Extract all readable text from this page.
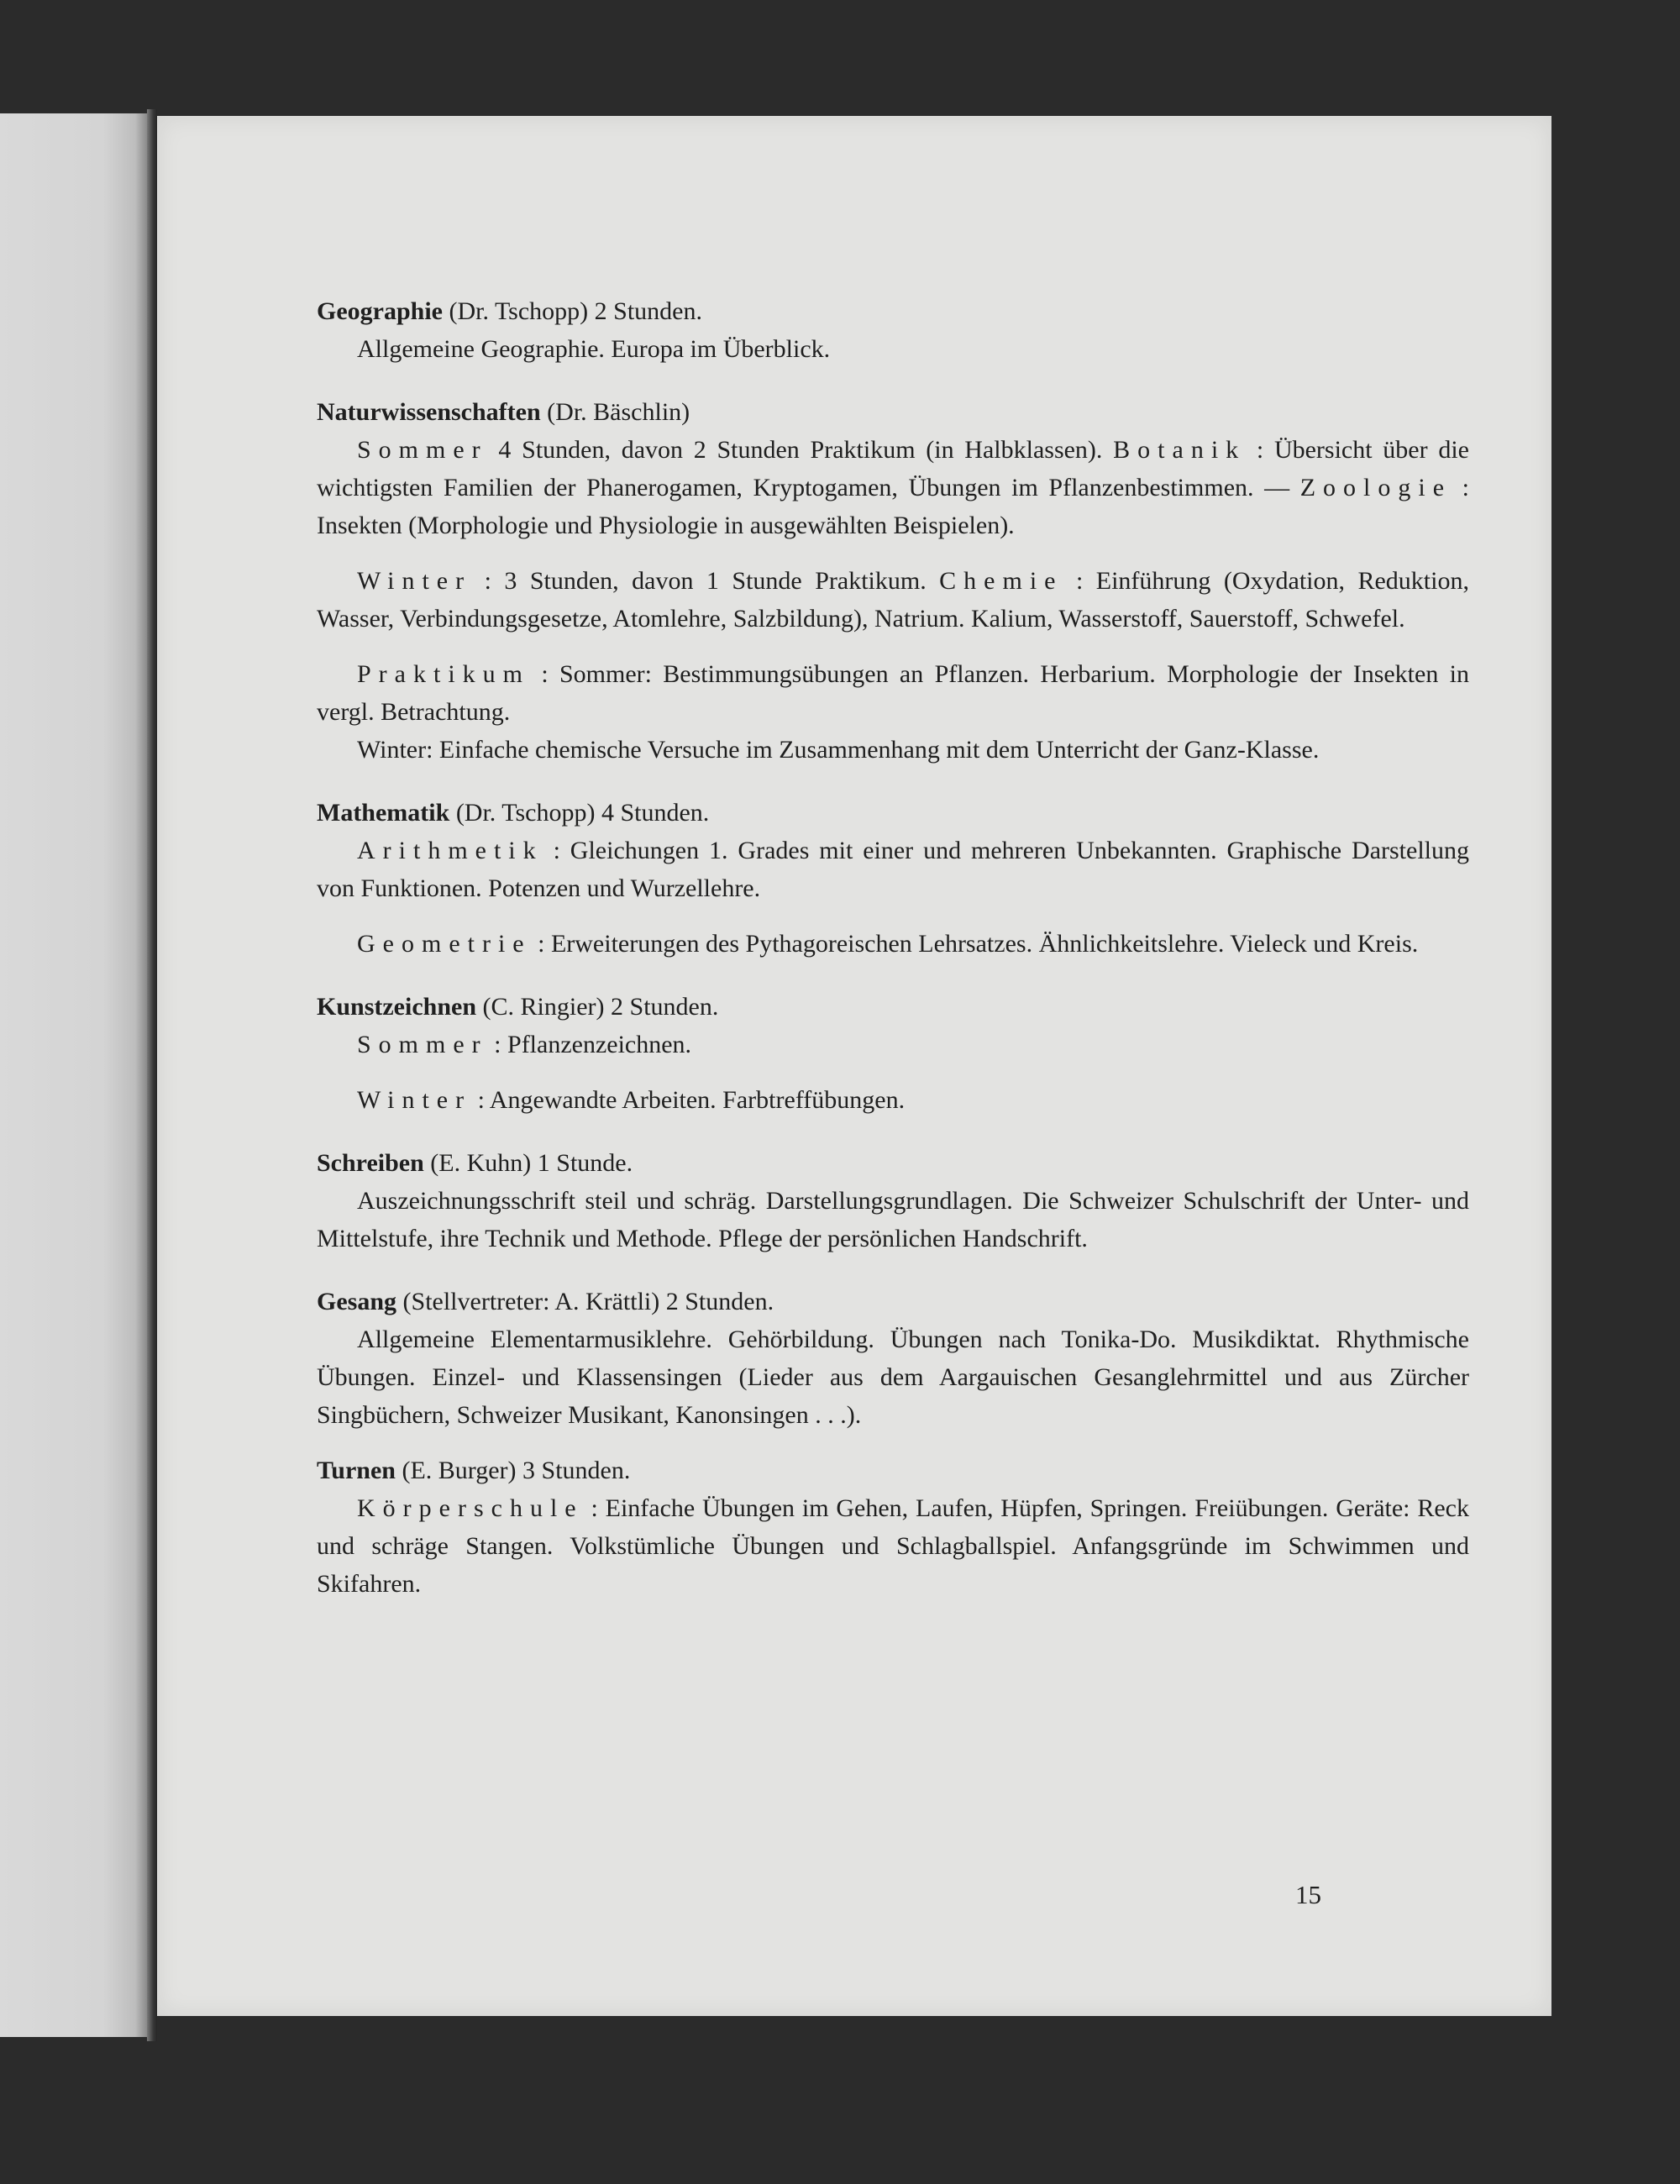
Geographie (Dr. Tschopp) 2 Stunden.

Allgemeine Geographie. Europa im Überblick.

Naturwissenschaften (Dr. Bäschlin)

Sommer 4 Stunden, davon 2 Stunden Praktikum (in Halbklassen). Botanik : Übersicht über die wichtigsten Familien der Phanerogamen, Kryptogamen, Übungen im Pflanzenbestimmen. — Zoologie : Insekten (Morphologie und Physiologie in ausgewählten Beispielen).

Winter : 3 Stunden, davon 1 Stunde Praktikum. Chemie : Einführung (Oxydation, Reduktion, Wasser, Verbindungsgesetze, Atomlehre, Salzbildung), Natrium. Kalium, Wasserstoff, Sauerstoff, Schwefel.

Praktikum : Sommer: Bestimmungsübungen an Pflanzen. Herbarium. Morphologie der Insekten in vergl. Betrachtung.

Winter: Einfache chemische Versuche im Zusammenhang mit dem Unterricht der Ganz-Klasse.

Mathematik (Dr. Tschopp) 4 Stunden.

Arithmetik : Gleichungen 1. Grades mit einer und mehreren Unbekannten. Graphische Darstellung von Funktionen. Potenzen und Wurzellehre.

Geometrie : Erweiterungen des Pythagoreischen Lehrsatzes. Ähnlichkeitslehre. Vieleck und Kreis.

Kunstzeichnen (C. Ringier) 2 Stunden.

Sommer : Pflanzenzeichnen.

Winter : Angewandte Arbeiten. Farbtreffübungen.

Schreiben (E. Kuhn) 1 Stunde.

Auszeichnungsschrift steil und schräg. Darstellungsgrundlagen. Die Schweizer Schulschrift der Unter- und Mittelstufe, ihre Technik und Methode. Pflege der persönlichen Handschrift.

Gesang (Stellvertreter: A. Krättli) 2 Stunden.

Allgemeine Elementarmusiklehre. Gehörbildung. Übungen nach Tonika-Do. Musikdiktat. Rhythmische Übungen. Einzel- und Klassensingen (Lieder aus dem Aargauischen Gesanglehrmittel und aus Zürcher Singbüchern, Schweizer Musikant, Kanonsingen . . .).

Turnen (E. Burger) 3 Stunden.

Körperschule : Einfache Übungen im Gehen, Laufen, Hüpfen, Springen. Freiübungen. Geräte: Reck und schräge Stangen. Volkstümliche Übungen und Schlagballspiel. Anfangsgründe im Schwimmen und Skifahren.

15
